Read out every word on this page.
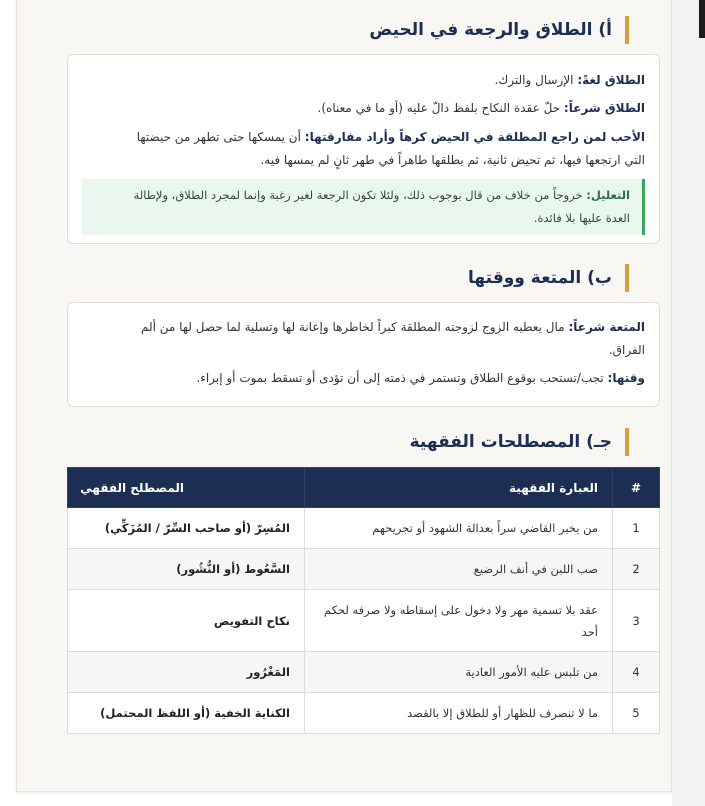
أ) الطلاق والرجعة في الحيض
الطلاق لغةً: الإرسال والترك.
الطلاق شرعاً: حلّ عقدة النكاح بلفظ دالّ عليه (أو ما في معناه).
الأحب لمن راجع المطلقة في الحيض كرهاً وأراد مفارقتها: أن يمسكها حتى تطهر من حيضتها
التي ارتجعها فيها، ثم تحيض ثانية، ثم يطلقها طاهراً في طهر ثانٍ لم يمسها فيه.
التعليل: خروجاً من خلاف من قال بوجوب ذلك، ولئلا تكون الرجعة لغير رغبة وإنما لمجرد الطلاق، ولإطالة
العدة عليها بلا فائدة.
ب) المتعة ووقتها
المتعة شرعاً: مال يعطيه الزوج لزوجته المطلقة كبراً لخاطرها وإعانة لها وتسلية لما حصل لها من ألم
الفراق.
وقتها: تجب/تستحب بوقوع الطلاق وتستمر في ذمته إلى أن تؤدى أو تسقط بموت أو إبراء.
جـ) المصطلحات الفقهية
#	العبارة الفقهية	المصطلح الفقهي
1	من يخبر القاضي سراً بعدالة الشهود أو تجريحهم	المُسِرّ (أو صاحب السِّرّ / المُزَكِّي)
2	صب اللبن في أنف الرضيع	السَّعُوط (أو النُّشُور)
3	عقد بلا تسمية مهر ولا دخول على إسقاطه ولا صرفه لحكم أحد	نكاح التفويض
4	من تلبس عليه الأمور العادية	المَغْرُور
5	ما لا تنصرف للظهار أو للطلاق إلا بالقصد	الكناية الخفية (أو اللفظ المحتمل)
